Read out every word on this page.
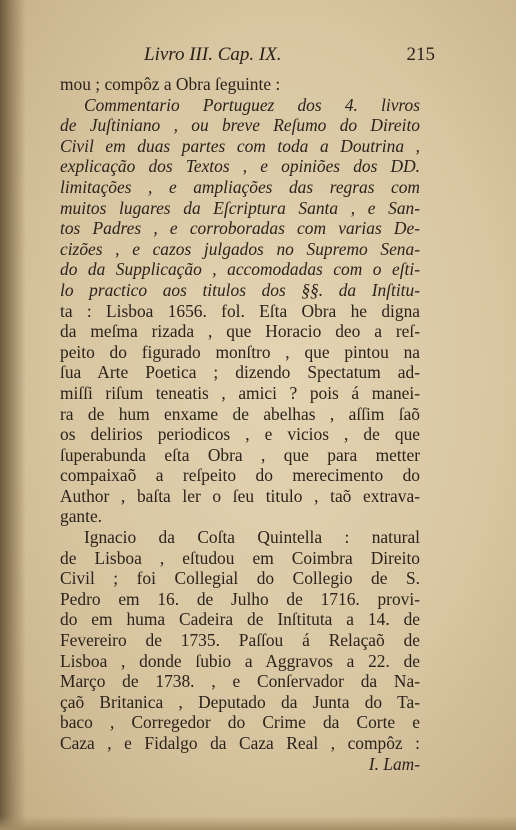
Livro III. Cap. IX.	215
mou ; compôz a Obra ſeguinte :
Commentario Portuguez dos 4. livros
de Juſtiniano , ou breve Reſumo do Direito
Civil em duas partes com toda a Doutrina ,
explicação dos Textos , e opiniões dos DD.
limitações , e ampliações das regras com
muitos lugares da Eſcriptura Santa , e San-
tos Padres , e corroboradas com varias De-
cizões , e cazos julgados no Supremo Sena-
do da Supplicação , accomodadas com o eſti-
lo practico aos titulos dos §§. da Inſtitu-
ta : Lisboa 1656. fol. Eſta Obra he digna
da meſma rizada , que Horacio deo a reſ-
peito do figurado monſtro , que pintou na
ſua Arte Poetica ; dizendo Spectatum ad-
miſſi riſum teneatis , amici ? pois á manei-
ra de hum enxame de abelhas , aſſim ſaõ
os delirios periodicos , e vicios , de que
ſuperabunda eſta Obra , que para metter
compaixaõ a reſpeito do merecimento do
Author , baſta ler o ſeu titulo , taõ extrava-
gante.
Ignacio da Coſta Quintella : natural
de Lisboa , eſtudou em Coimbra Direito
Civil ; foi Collegial do Collegio de S.
Pedro em 16. de Julho de 1716. provi-
do em huma Cadeira de Inſtituta a 14. de
Fevereiro de 1735. Paſſou á Relaçaõ de
Lisboa , donde ſubio a Aggravos a 22. de
Março de 1738. , e Conſervador da Na-
çaõ Britanica , Deputado da Junta do Ta-
baco , Corregedor do Crime da Corte e
Caza , e Fidalgo da Caza Real , compôz :
I. Lam-
